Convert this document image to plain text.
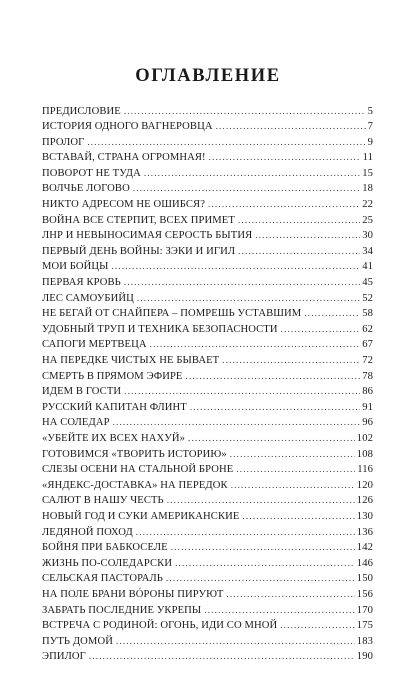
ОГЛАВЛЕНИЕ
ПРЕДИСЛОВИЕ .....	5
ИСТОРИЯ ОДНОГО ВАГНЕРОВЦА .....	7
ПРОЛОГ .....	9
ВСТАВАЙ, СТРАНА ОГРОМНАЯ! .....	11
ПОВОРОТ НЕ ТУДА .....	15
ВОЛЧЬЕ ЛОГОВО .....	18
НИКТО АДРЕСОМ НЕ ОШИБСЯ? .....	22
ВОЙНА ВСЕ СТЕРПИТ, ВСЕХ ПРИМЕТ .....	25
ЛНР И НЕВЫНОСИМАЯ СЕРОСТЬ БЫТИЯ .....	30
ПЕРВЫЙ ДЕНЬ ВОЙНЫ: ЗЭКИ И ИГИЛ .....	34
МОИ БОЙЦЫ .....	41
ПЕРВАЯ КРОВЬ .....	45
ЛЕС САМОУБИЙЦ .....	52
НЕ БЕГАЙ ОТ СНАЙПЕРА – ПОМРЕШЬ УСТАВШИМ .....	58
УДОБНЫЙ ТРУП И ТЕХНИКА БЕЗОПАСНОСТИ .....	62
САПОГИ МЕРТВЕЦА .....	67
НА ПЕРЕДКЕ ЧИСТЫХ НЕ БЫВАЕТ .....	72
СМЕРТЬ В ПРЯМОМ ЭФИРЕ .....	78
ИДЕМ В ГОСТИ .....	86
РУССКИЙ КАПИТАН ФЛИНТ .....	91
НА СОЛЕДАР .....	96
«УБЕЙТЕ ИХ ВСЕХ НАХУЙ» .....	102
ГОТОВИМСЯ «ТВОРИТЬ ИСТОРИЮ» .....	108
СЛЕЗЫ ОСЕНИ НА СТАЛЬНОЙ БРОНЕ .....	116
«ЯНДЕКС-ДОСТАВКА» НА ПЕРЕДОК .....	120
САЛЮТ В НАШУ ЧЕСТЬ .....	126
НОВЫЙ ГОД И СУКИ АМЕРИКАНСКИЕ .....	130
ЛЕДЯНОЙ ПОХОД .....	136
БОЙНЯ ПРИ БАБКОСЕЛЕ .....	142
ЖИЗНЬ ПО-СОЛЕДАРСКИ .....	146
СЕЛЬСКАЯ ПАСТОРАЛЬ .....	150
НА ПОЛЕ БРАНИ ВÓРОНЫ ПИРУЮТ .....	156
ЗАБРАТЬ ПОСЛЕДНИЕ УКРЕПЫ .....	170
ВСТРЕЧА С РОДИНОЙ: ОГОНЬ, ИДИ СО МНОЙ .....	175
ПУТЬ ДОМОЙ .....	183
ЭПИЛОГ .....	190
